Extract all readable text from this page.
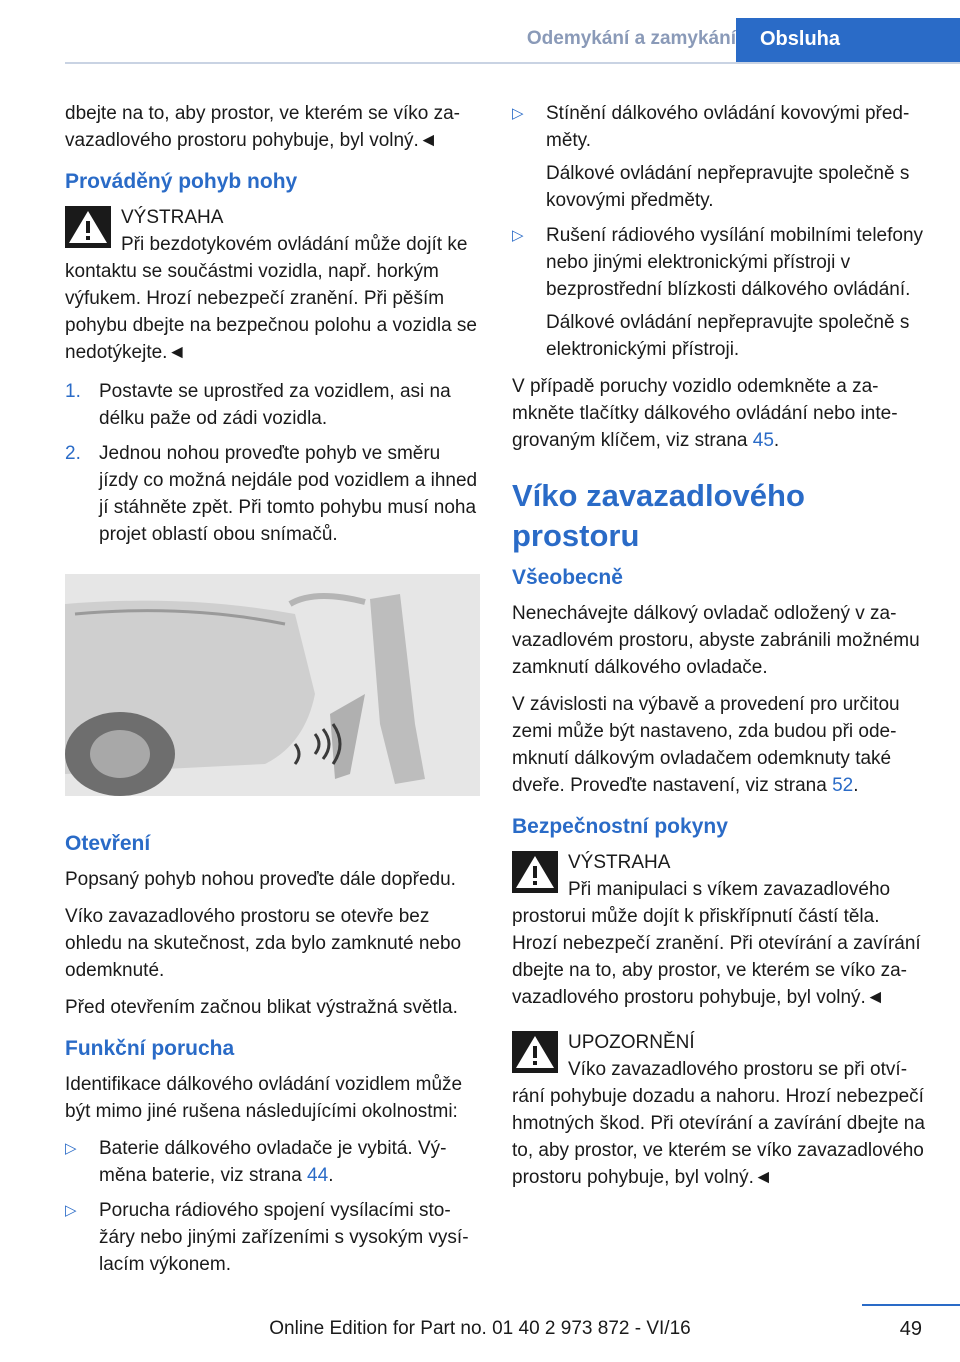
Odemykání a zamykání	Obsluha

dbejte na to, aby prostor, ve kterém se víko zavazadlového prostoru pohybuje, byl volný.◄

Prováděný pohyb nohy
VÝSTRAHA
Při bezdotykovém ovládání může dojít ke kontaktu se součástmi vozidla, např. horkým výfukem. Hrozí nebezpečí zranění. Při pěším pohybu dbejte na bezpečnou polohu a vozidla se nedotýkejte.◄
1. Postavte se uprostřed za vozidlem, asi na délku paže od zádi vozidla.
2. Jednou nohou proveďte pohyb ve směru jízdy co možná nejdále pod vozidlem a ihned jí stáhněte zpět. Při tomto pohybu musí noha projet oblastí obou snímačů.
Otevření

Popsaný pohyb nohou proveďte dále dopředu.

Víko zavazadlového prostoru se otevře bez ohledu na skutečnost, zda bylo zamknuté nebo odemknuté.

Před otevřením začnou blikat výstražná světla.

Funkční porucha

Identifikace dálkového ovládání vozidlem může být mimo jiné rušena následujícími okolnostmi:

▷ Baterie dálkového ovladače je vybitá. Výměna baterie, viz strana 44.
▷ Porucha rádiového spojení vysílacími stožáry nebo jinými zařízeními s vysokým vysílacím výkonem.
▷ Stínění dálkového ovládání kovovými předměty.

Dálkové ovládání nepřepravujte společně s kovovými předměty.

▷ Rušení rádiového vysílání mobilními telefony nebo jinými elektronickými přístroji v bezprostřední blízkosti dálkového ovládání.

Dálkové ovládání nepřepravujte společně s elektronickými přístroji.

V případě poruchy vozidlo odemkněte a zamkněte tlačítky dálkového ovládání nebo integrovaným klíčem, viz strana 45.

Víko zavazadlového prostoru
Všeobecně

Nenechávejte dálkový ovladač odložený v zavazadlovém prostoru, abyste zabránili možnému zamknutí dálkového ovladače.

V závislosti na výbavě a provedení pro určitou zemi může být nastaveno, zda budou při odemknutí dálkovým ovladačem odemknuty také dveře. Proveďte nastavení, viz strana 52.

Bezpečnostní pokyny
VÝSTRAHA
Při manipulaci s víkem zavazadlového prostorui může dojít k přiskřípnutí částí těla. Hrozí nebezpečí zranění. Při otevírání a zavírání dbejte na to, aby prostor, ve kterém se víko zavazadlového prostoru pohybuje, byl volný.◄
UPOZORNĚNÍ
Víko zavazadlového prostoru se při otvírání pohybuje dozadu a nahoru. Hrozí nebezpečí hmotných škod. Při otevírání a zavírání dbejte na to, aby prostor, ve kterém se víko zavazadlového prostoru pohybuje, byl volný.◄
49
Online Edition for Part no. 01 40 2 973 872 - VI/16
